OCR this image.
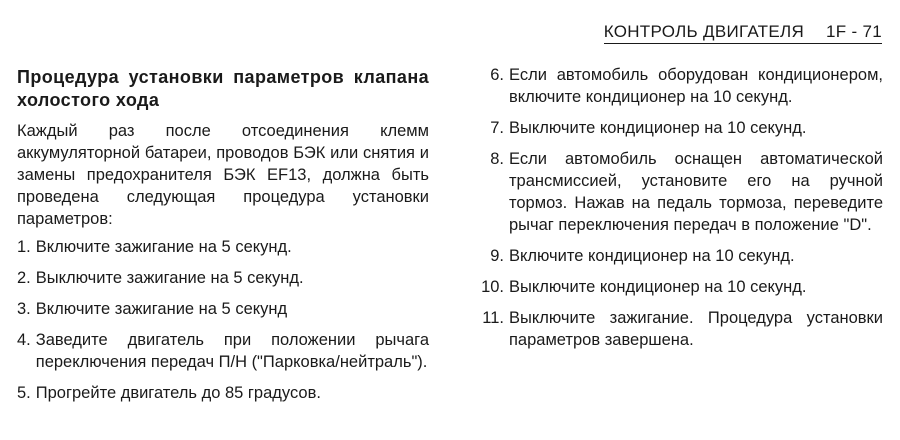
КОНТРОЛЬ ДВИГАТЕЛЯ 1F - 71
Процедура установки параметров клапана холостого хода

Каждый раз после отсоединения клемм аккумуляторной батареи, проводов БЭК или снятия и замены предохранителя БЭК EF13, должна быть проведена следующая процедура установки параметров:

1. Включите зажигание на 5 секунд.
2. Выключите зажигание на 5 секунд.
3. Включите зажигание на 5 секунд
4. Заведите двигатель при положении рычага переключения передач П/Н ("Парковка/нейтраль").
5. Прогрейте двигатель до 85 градусов.
6. Если автомобиль оборудован кондиционером, включите кондиционер на 10 секунд.
7. Выключите кондиционер на 10 секунд.
8. Если автомобиль оснащен автоматической трансмиссией, установите его на ручной тормоз. Нажав на педаль тормоза, переведите рычаг переключения передач в положение "D".
9. Включите кондиционер на 10 секунд.
10. Выключите кондиционер на 10 секунд.
11. Выключите зажигание. Процедура установки параметров завершена.
